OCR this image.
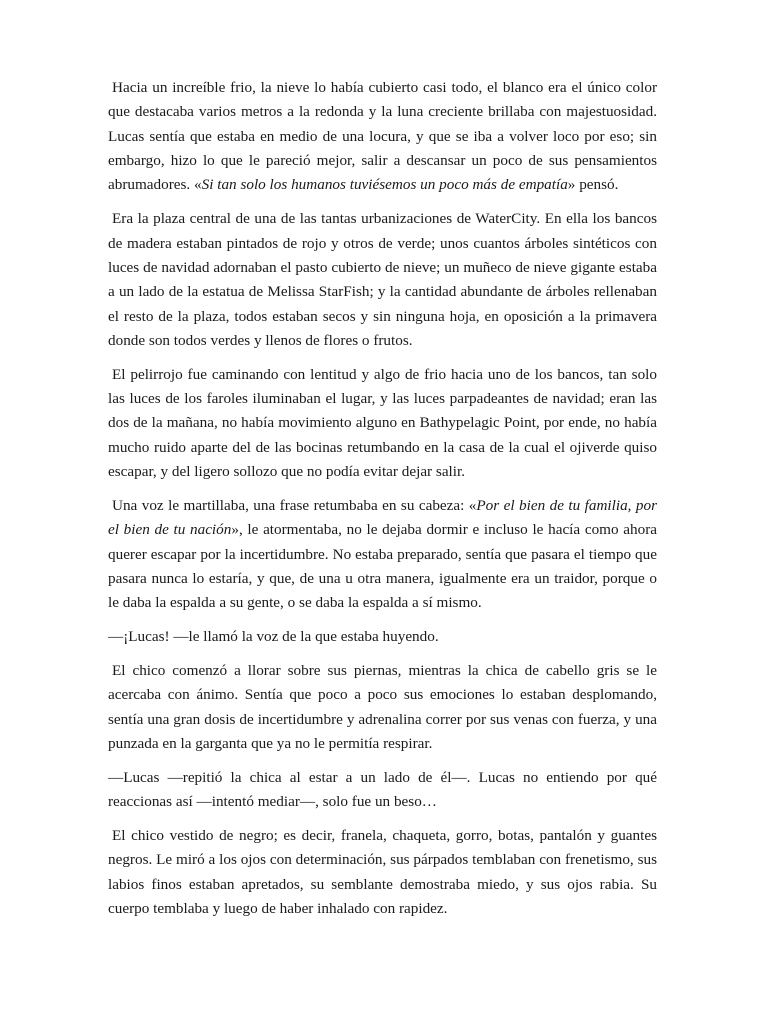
Hacia un increíble frio, la nieve lo había cubierto casi todo, el blanco era el único color que destacaba varios metros a la redonda y la luna creciente brillaba con majestuosidad. Lucas sentía que estaba en medio de una locura, y que se iba a volver loco por eso; sin embargo, hizo lo que le pareció mejor, salir a descansar un poco de sus pensamientos abrumadores. «Si tan solo los humanos tuviésemos un poco más de empatía» pensó.

Era la plaza central de una de las tantas urbanizaciones de WaterCity. En ella los bancos de madera estaban pintados de rojo y otros de verde; unos cuantos árboles sintéticos con luces de navidad adornaban el pasto cubierto de nieve; un muñeco de nieve gigante estaba a un lado de la estatua de Melissa StarFish; y la cantidad abundante de árboles rellenaban el resto de la plaza, todos estaban secos y sin ninguna hoja, en oposición a la primavera donde son todos verdes y llenos de flores o frutos.

El pelirrojo fue caminando con lentitud y algo de frio hacia uno de los bancos, tan solo las luces de los faroles iluminaban el lugar, y las luces parpadeantes de navidad; eran las dos de la mañana, no había movimiento alguno en Bathypelagic Point, por ende, no había mucho ruido aparte del de las bocinas retumbando en la casa de la cual el ojiverde quiso escapar, y del ligero sollozo que no podía evitar dejar salir.

Una voz le martillaba, una frase retumbaba en su cabeza: «Por el bien de tu familia, por el bien de tu nación», le atormentaba, no le dejaba dormir e incluso le hacía como ahora querer escapar por la incertidumbre. No estaba preparado, sentía que pasara el tiempo que pasara nunca lo estaría, y que, de una u otra manera, igualmente era un traidor, porque o le daba la espalda a su gente, o se daba la espalda a sí mismo.

—¡Lucas! —le llamó la voz de la que estaba huyendo.

El chico comenzó a llorar sobre sus piernas, mientras la chica de cabello gris se le acercaba con ánimo. Sentía que poco a poco sus emociones lo estaban desplomando, sentía una gran dosis de incertidumbre y adrenalina correr por sus venas con fuerza, y una punzada en la garganta que ya no le permitía respirar.

—Lucas —repitió la chica al estar a un lado de él—. Lucas no entiendo por qué reaccionas así —intentó mediar—, solo fue un beso…

El chico vestido de negro; es decir, franela, chaqueta, gorro, botas, pantalón y guantes negros. Le miró a los ojos con determinación, sus párpados temblaban con frenetismo, sus labios finos estaban apretados, su semblante demostraba miedo, y sus ojos rabia. Su cuerpo temblaba y luego de haber inhalado con rapidez.
